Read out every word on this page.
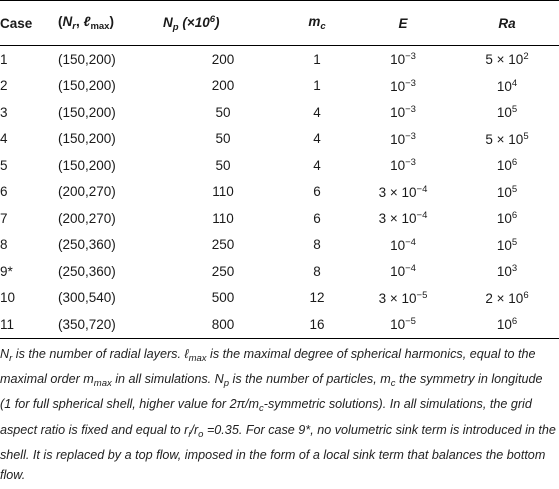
Case	($N_r$, ℓ$_{max}$)	$N_p$ $(\times 10^6)$	$m_c$	E	Ra
1	(150,200)	200	1	$10^{-3}$	$5 \times 10^2$
2	(150,200)	200	1	$10^{-3}$	$10^4$
3	(150,200)	50	4	$10^{-3}$	$10^5$
4	(150,200)	50	4	$10^{-3}$	$5 \times 10^5$
5	(150,200)	50	4	$10^{-3}$	$10^6$
6	(200,270)	110	6	$3 \times 10^{-4}$	$10^5$
7	(200,270)	110	6	$3 \times 10^{-4}$	$10^6$
8	(250,360)	250	8	$10^{-4}$	$10^5$
9*	(250,360)	250	8	$10^{-4}$	$10^3$
10	(300,540)	500	12	$3 \times 10^{-5}$	$2 \times 10^6$
11	(350,720)	800	16	$10^{-5}$	$10^6$

$N_r$ is the number of radial layers. ℓ$_{max}$ is the maximal degree of spherical harmonics, equal to the maximal order $m_{max}$ in all simulations. $N_p$ is the number of particles, $m_c$ the symmetry in longitude (1 for full spherical shell, higher value for $2\pi/m_c$-symmetric solutions). In all simulations, the grid aspect ratio is fixed and equal to $r_i/r_o =0.35$. For case 9*, no volumetric sink term is introduced in the shell. It is replaced by a top flow, imposed in the form of a local sink term that balances the bottom flow.
